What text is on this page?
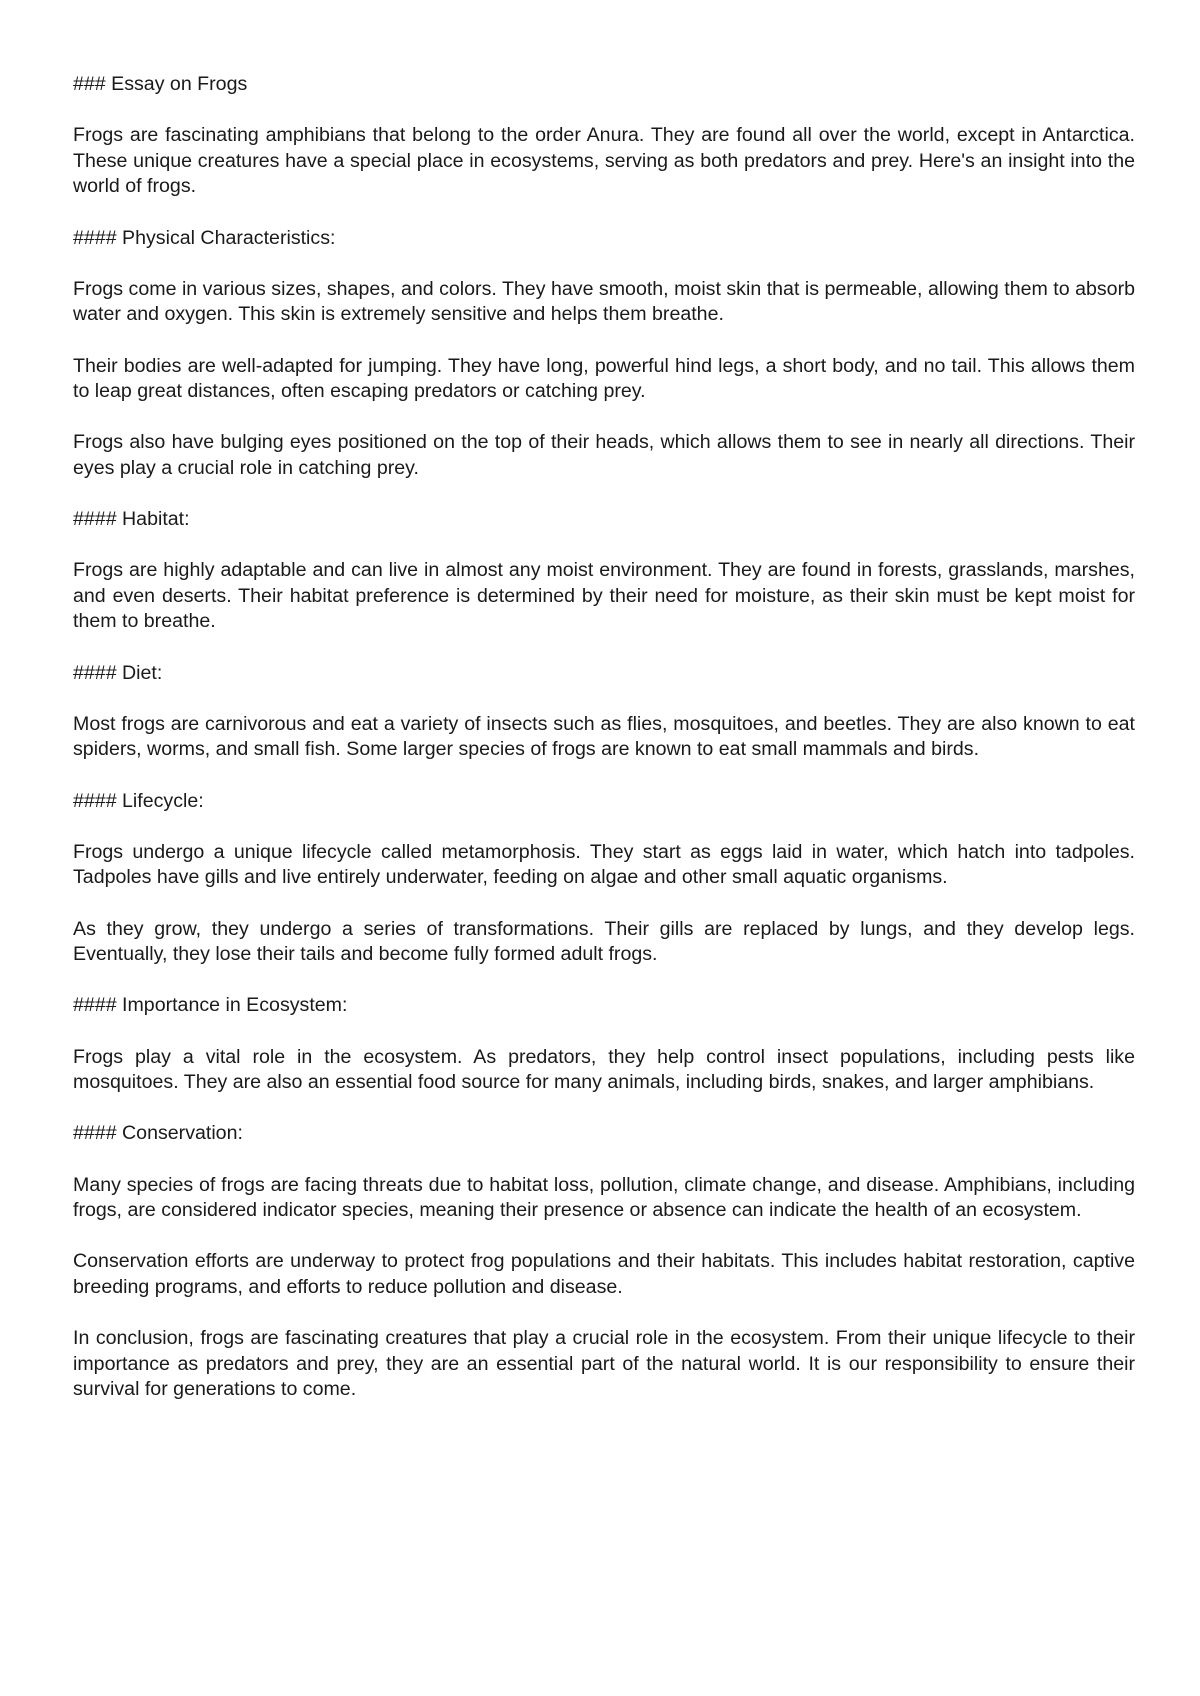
### Essay on Frogs

Frogs are fascinating amphibians that belong to the order Anura. They are found all over the world, except in Antarctica. These unique creatures have a special place in ecosystems, serving as both predators and prey. Here's an insight into the world of frogs.

#### Physical Characteristics:

Frogs come in various sizes, shapes, and colors. They have smooth, moist skin that is permeable, allowing them to absorb water and oxygen. This skin is extremely sensitive and helps them breathe.

Their bodies are well-adapted for jumping. They have long, powerful hind legs, a short body, and no tail. This allows them to leap great distances, often escaping predators or catching prey.

Frogs also have bulging eyes positioned on the top of their heads, which allows them to see in nearly all directions. Their eyes play a crucial role in catching prey.

#### Habitat:

Frogs are highly adaptable and can live in almost any moist environment. They are found in forests, grasslands, marshes, and even deserts. Their habitat preference is determined by their need for moisture, as their skin must be kept moist for them to breathe.

#### Diet:

Most frogs are carnivorous and eat a variety of insects such as flies, mosquitoes, and beetles. They are also known to eat spiders, worms, and small fish. Some larger species of frogs are known to eat small mammals and birds.

#### Lifecycle:

Frogs undergo a unique lifecycle called metamorphosis. They start as eggs laid in water, which hatch into tadpoles. Tadpoles have gills and live entirely underwater, feeding on algae and other small aquatic organisms.

As they grow, they undergo a series of transformations. Their gills are replaced by lungs, and they develop legs. Eventually, they lose their tails and become fully formed adult frogs.

#### Importance in Ecosystem:

Frogs play a vital role in the ecosystem. As predators, they help control insect populations, including pests like mosquitoes. They are also an essential food source for many animals, including birds, snakes, and larger amphibians.

#### Conservation:

Many species of frogs are facing threats due to habitat loss, pollution, climate change, and disease. Amphibians, including frogs, are considered indicator species, meaning their presence or absence can indicate the health of an ecosystem.

Conservation efforts are underway to protect frog populations and their habitats. This includes habitat restoration, captive breeding programs, and efforts to reduce pollution and disease.

In conclusion, frogs are fascinating creatures that play a crucial role in the ecosystem. From their unique lifecycle to their importance as predators and prey, they are an essential part of the natural world. It is our responsibility to ensure their survival for generations to come.
